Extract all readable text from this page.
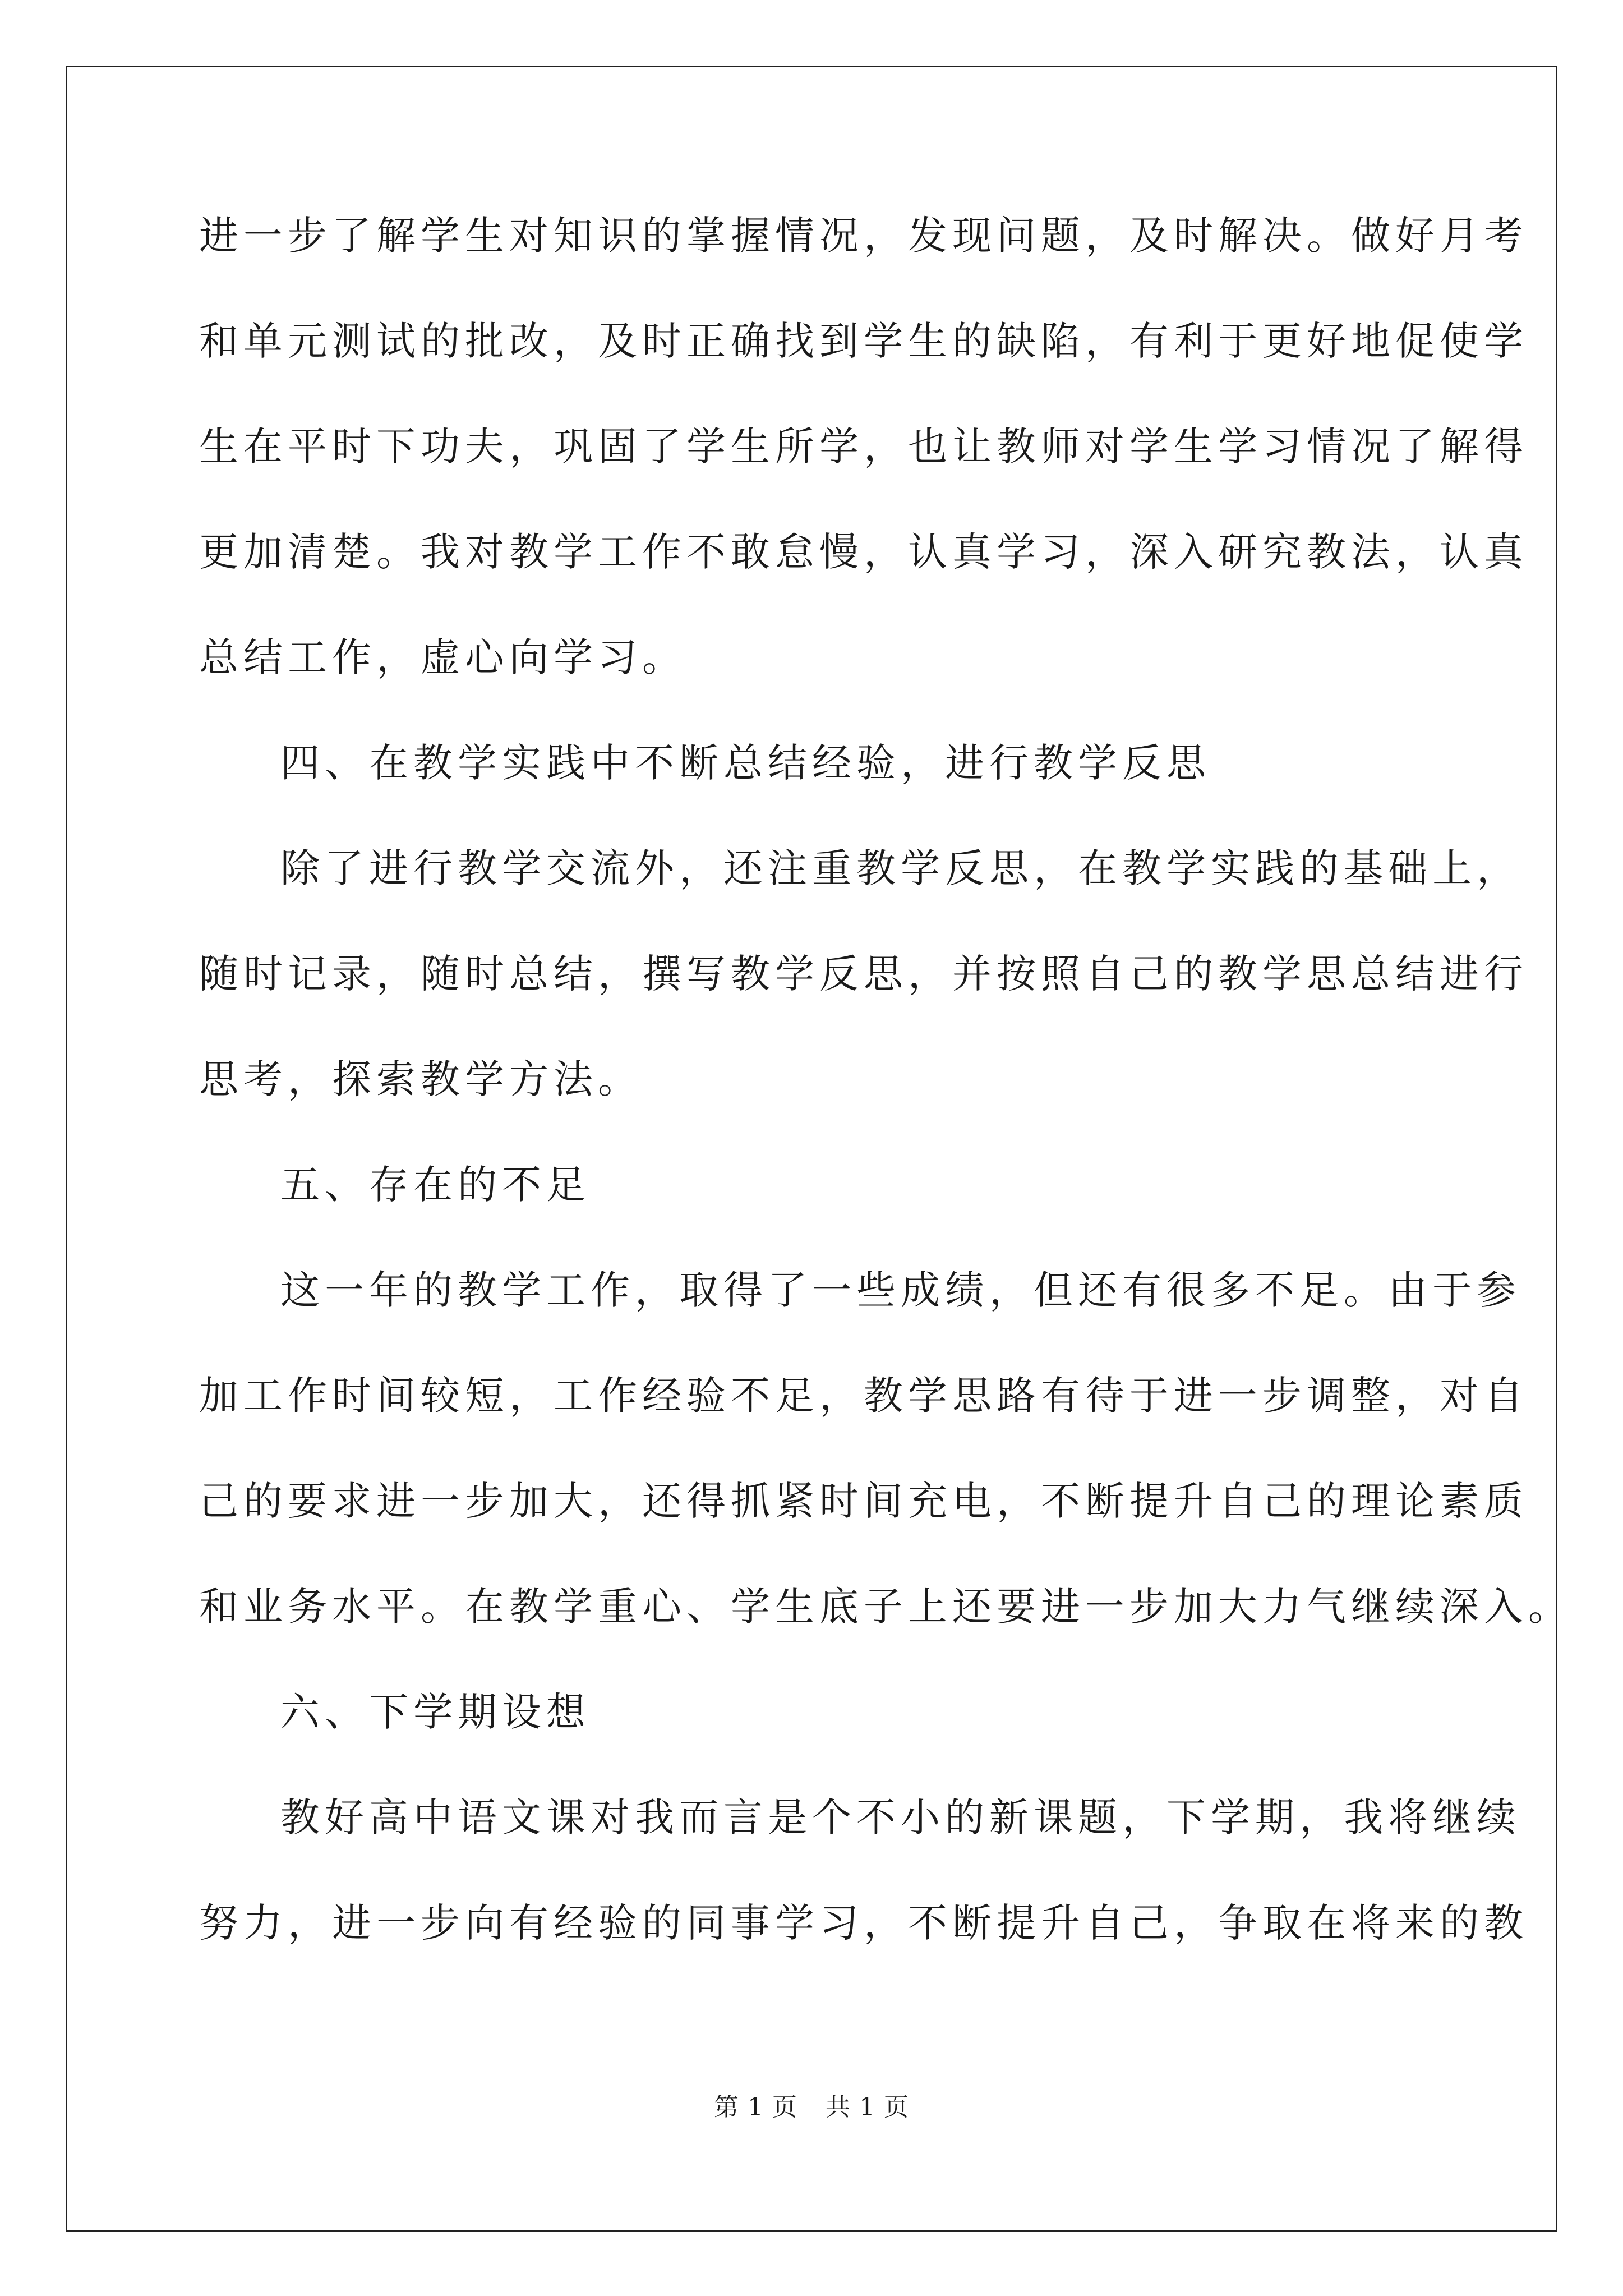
进一步了解学生对知识的掌握情况，发现问题，及时解决。做好月考
和单元测试的批改，及时正确找到学生的缺陷，有利于更好地促使学
生在平时下功夫，巩固了学生所学，也让教师对学生学习情况了解得
更加清楚。我对教学工作不敢怠慢，认真学习，深入研究教法，认真
总结工作，虚心向学习。
四、在教学实践中不断总结经验，进行教学反思
除了进行教学交流外，还注重教学反思，在教学实践的基础上，
随时记录，随时总结，撰写教学反思，并按照自己的教学思总结进行
思考，探索教学方法。
五、存在的不足
这一年的教学工作，取得了一些成绩，但还有很多不足。由于参
加工作时间较短，工作经验不足，教学思路有待于进一步调整，对自
己的要求进一步加大，还得抓紧时间充电，不断提升自己的理论素质
和业务水平。在教学重心、学生底子上还要进一步加大力气继续深入。
六、下学期设想
教好高中语文课对我而言是个不小的新课题，下学期，我将继续
努力，进一步向有经验的同事学习，不断提升自己，争取在将来的教
第 1 页 共 1 页
